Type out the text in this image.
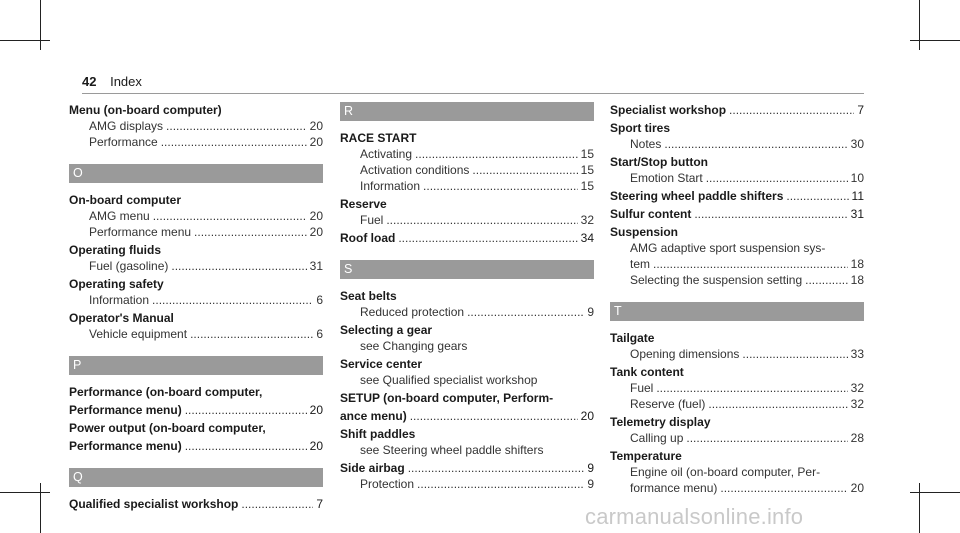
42 Index
Menu (on-board computer)
AMG displays .....	20
Performance .....	20
O
On-board computer
AMG menu .....	20
Performance menu .....	20
Operating fluids
Fuel (gasoline) .....	31
Operating safety
Information .....	6
Operator's Manual
Vehicle equipment .....	6
P
Performance (on-board computer,
Performance menu) .....	20
Power output (on-board computer,
Performance menu) .....	20
Q
Qualified specialist workshop .....	7
R
RACE START
Activating .....	15
Activation conditions .....	15
Information .....	15
Reserve
Fuel .....	32
Roof load .....	34
S
Seat belts
Reduced protection .....	9
Selecting a gear
see Changing gears
Service center
see Qualified specialist workshop
SETUP (on-board computer, Perform-
ance menu) .....	20
Shift paddles
see Steering wheel paddle shifters
Side airbag .....	9
Protection .....	9
Specialist workshop .....	7
Sport tires
Notes .....	30
Start/Stop button
Emotion Start .....	10
Steering wheel paddle shifters .....	11
Sulfur content .....	31
Suspension
AMG adaptive sport suspension sys-
tem .....	18
Selecting the suspension setting .....	18
T
Tailgate
Opening dimensions .....	33
Tank content
Fuel .....	32
Reserve (fuel) .....	32
Telemetry display
Calling up .....	28
Temperature
Engine oil (on-board computer, Per-
formance menu) .....	20
carmanualsonline.info
